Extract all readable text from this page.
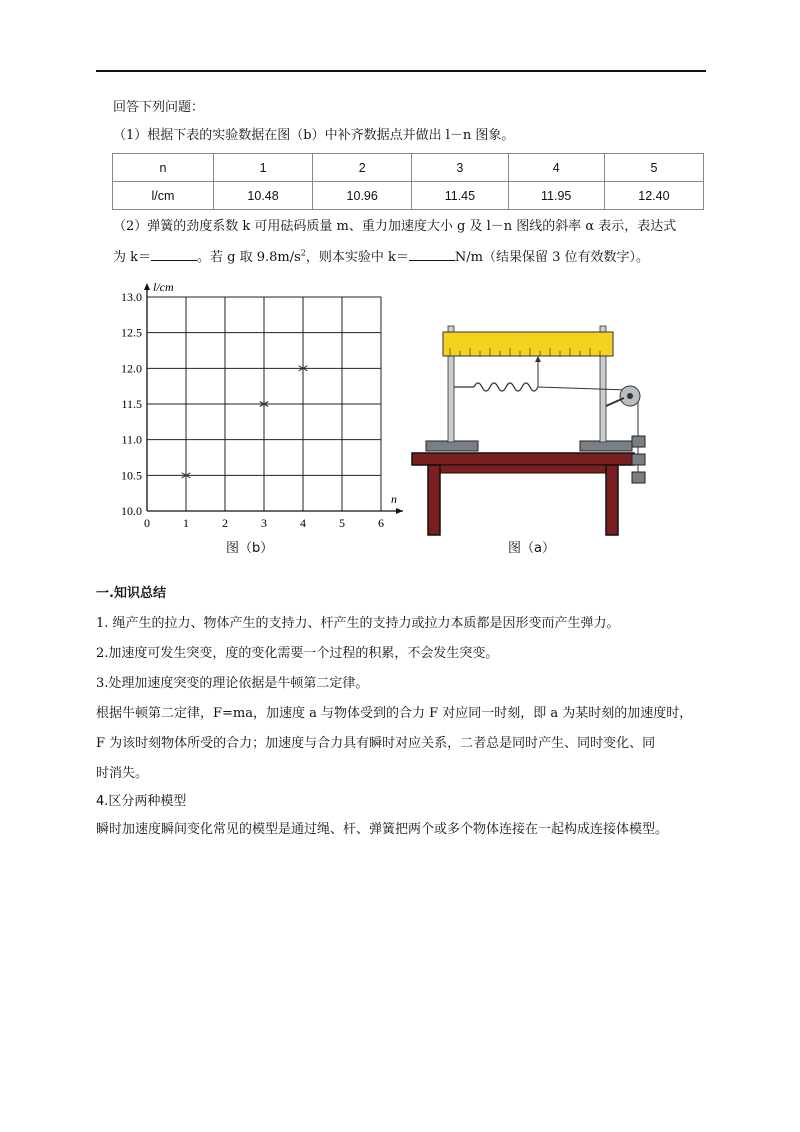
回答下列问题：
（1）根据下表的实验数据在图（b）中补齐数据点并做出 l－n 图象。
n	1	2	3	4	5
l/cm	10.48	10.96	11.45	11.95	12.40
（2）弹簧的劲度系数 k 可用砝码质量 m、重力加速度大小 g 及 l－n 图线的斜率 α 表示，表达式
为 k＝	。若 g 取 $9.8m/s^2$，则本实验中 k＝	N/m（结果保留 3 位有效数字）。
0	1	2	3	4	5	6
10.0
10.5
11.0
11.5
12.0
12.5
13.0
l/cm
n
图（b）	图（a）
一.知识总结
1. 绳产生的拉力、物体产生的支持力、杆产生的支持力或拉力本质都是因形变而产生弹力。
2.加速度可发生突变，度的变化需要一个过程的积累，不会发生突变。
3.处理加速度突变的理论依据是牛顿第二定律。
根据牛顿第二定律，F=ma，加速度 a 与物体受到的合力 F 对应同一时刻，即 a 为某时刻的加速度时，
F 为该时刻物体所受的合力；加速度与合力具有瞬时对应关系，二者总是同时产生、同时变化、同
时消失。
4.区分两种模型
瞬时加速度瞬间变化常见的模型是通过绳、杆、弹簧把两个或多个物体连接在一起构成连接体模型。
